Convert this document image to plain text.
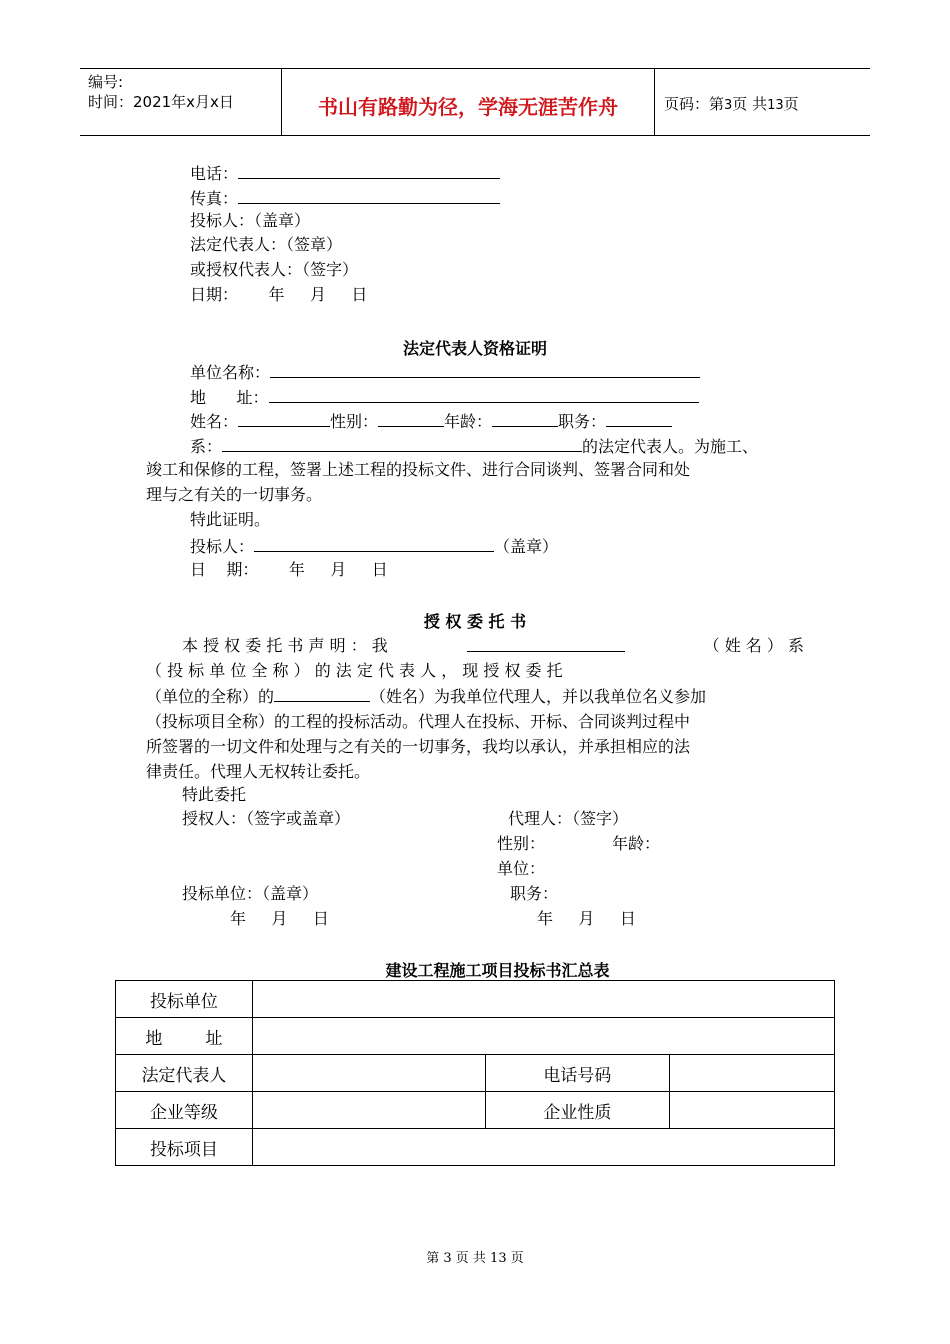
编号:
时间：2021年x月x日	书山有路勤为径，学海无涯苦作舟	页码：第3页 共13页
电话：
传真：
投标人：（盖章）
法定代表人：（签章）
或授权代表人：（签字）
日期：      年     月     日
法定代表人资格证明
单位名称：
地      址：
姓名：	性别：	年龄：	职务：
系：	的法定代表人。为施工、
竣工和保修的工程，签署上述工程的投标文件、进行合同谈判、签署合同和处
理与之有关的一切事务。
特此证明。
投标人：	（盖章）
日    期：      年     月     日
授 权 委 托 书
本 授 权 委 托 书 声 明 ： 我	（ 姓 名 ） 系
（ 投 标 单 位 全 称 ） 的 法 定 代 表 人 ， 现 授 权 委 托
（单位的全称）的	（姓名）为我单位代理人，并以我单位名义参加
（投标项目全称）的工程的投标活动。代理人在投标、开标、合同谈判过程中
所签署的一切文件和处理与之有关的一切事务，我均以承认，并承担相应的法
律责任。代理人无权转让委托。
特此委托
授权人：（签字或盖章）	代理人：（签字）
性别：	年龄：
单位：
投标单位：（盖章）	职务：
年     月     日	年     月     日
建设工程施工项目投标书汇总表
投标单位			
地        址			
法定代表人		电话号码	
企业等级		企业性质	
投标项目			
第 3 页 共 13 页
